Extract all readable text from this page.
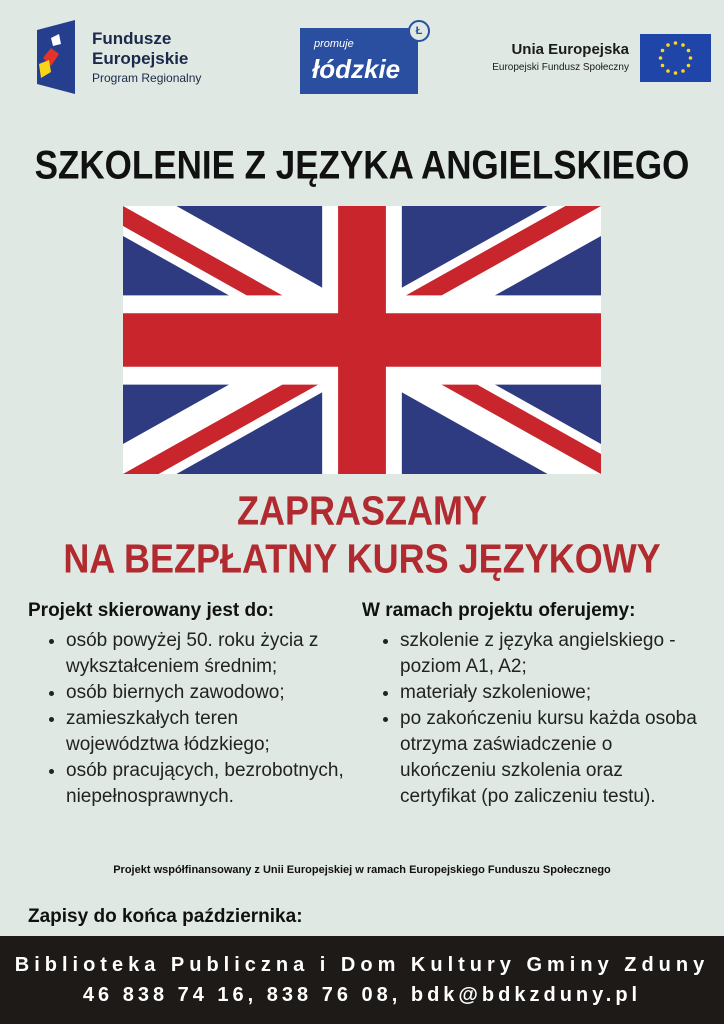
Fundusze
Europejskie
Program Regionalny
promuje
łódzkie
Ł
Unia Europejska
Europejski Fundusz Społeczny
SZKOLENIE Z JĘZYKA ANGIELSKIEGO
ZAPRASZAMY
NA BEZPŁATNY KURS JĘZYKOWY
Projekt skierowany jest do:
• osób powyżej 50. roku życia z wykształceniem średnim;
• osób biernych zawodowo;
• zamieszkałych teren województwa łódzkiego;
• osób pracujących, bezrobotnych, niepełnosprawnych.
W ramach projektu oferujemy:
• szkolenie z języka angielskiego - poziom A1, A2;
• materiały szkoleniowe;
• po zakończeniu kursu każda osoba otrzyma zaświadczenie o ukończeniu szkolenia oraz certyfikat (po zaliczeniu testu).
Projekt współfinansowany z Unii Europejskiej w ramach Europejskiego Funduszu Społecznego
Zapisy do końca października:
Biblioteka Publiczna i Dom Kultury Gminy Zduny
46 838 74 16, 838 76 08, bdk@bdkzduny.pl
